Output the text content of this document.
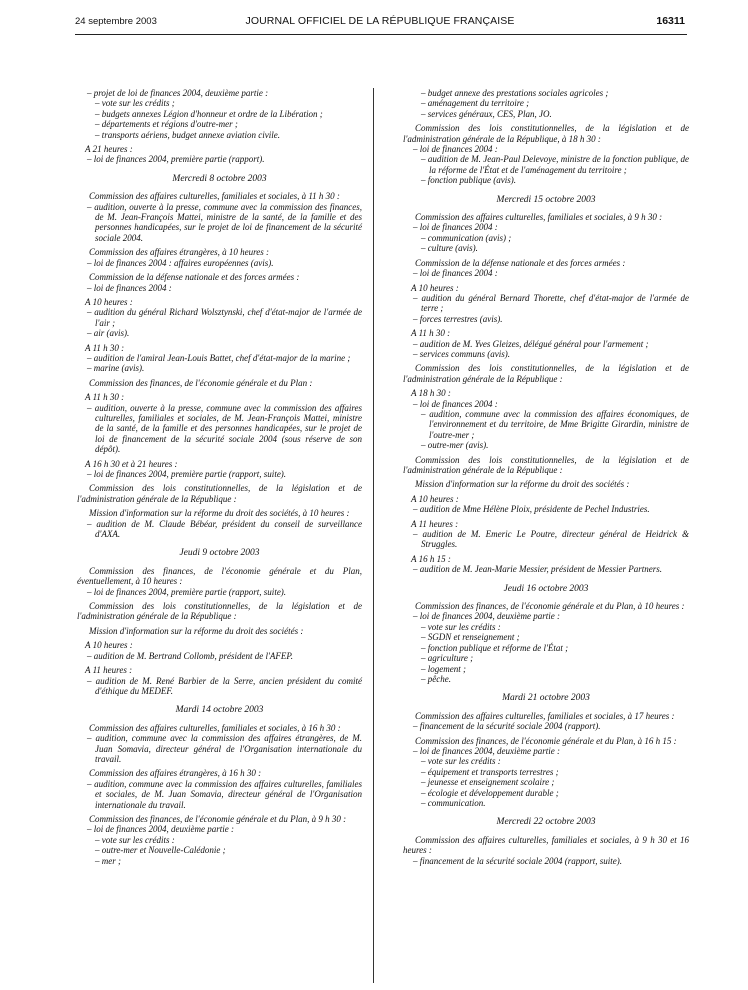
24 septembre 2003	JOURNAL OFFICIEL DE LA RÉPUBLIQUE FRANÇAISE	16311

– projet de loi de finances 2004, deuxième partie :

– vote sur les crédits ;

– budgets annexes Légion d'honneur et ordre de la Libération ;

– départements et régions d'outre-mer ;

– transports aériens, budget annexe aviation civile.

A 21 heures :

– loi de finances 2004, première partie (rapport).

Mercredi 8 octobre 2003

Commission des affaires culturelles, familiales et sociales, à 11 h 30 :

– audition, ouverte à la presse, commune avec la commission des finances, de M. Jean-François Mattei, ministre de la santé, de la famille et des personnes handicapées, sur le projet de loi de financement de la sécurité sociale 2004.

Commission des affaires étrangères, à 10 heures :

– loi de finances 2004 : affaires européennes (avis).

Commission de la défense nationale et des forces armées :

– loi de finances 2004 :

A 10 heures :

– audition du général Richard Wolsztynski, chef d'état-major de l'armée de l'air ;

– air (avis).

A 11 h 30 :

– audition de l'amiral Jean-Louis Battet, chef d'état-major de la marine ;

– marine (avis).

Commission des finances, de l'économie générale et du Plan :

A 11 h 30 :

– audition, ouverte à la presse, commune avec la commission des affaires culturelles, familiales et sociales, de M. Jean-François Mattei, ministre de la santé, de la famille et des personnes handicapées, sur le projet de loi de financement de la sécurité sociale 2004 (sous réserve de son dépôt).

A 16 h 30 et à 21 heures :

– loi de finances 2004, première partie (rapport, suite).

Commission des lois constitutionnelles, de la législation et de l'administration générale de la République :

Mission d'information sur la réforme du droit des sociétés, à 10 heures :

– audition de M. Claude Bébéar, président du conseil de surveillance d'AXA.

Jeudi 9 octobre 2003

Commission des finances, de l'économie générale et du Plan, éventuellement, à 10 heures :

– loi de finances 2004, première partie (rapport, suite).

Commission des lois constitutionnelles, de la législation et de l'administration générale de la République :

Mission d'information sur la réforme du droit des sociétés :

A 10 heures :

– audition de M. Bertrand Collomb, président de l'AFEP.

A 11 heures :

– audition de M. René Barbier de la Serre, ancien président du comité d'éthique du MEDEF.

Mardi 14 octobre 2003

Commission des affaires culturelles, familiales et sociales, à 16 h 30 :

– audition, commune avec la commission des affaires étrangères, de M. Juan Somavia, directeur général de l'Organisation internationale du travail.

Commission des affaires étrangères, à 16 h 30 :

– audition, commune avec la commission des affaires culturelles, familiales et sociales, de M. Juan Somavia, directeur général de l'Organisation internationale du travail.

Commission des finances, de l'économie générale et du Plan, à 9 h 30 :

– loi de finances 2004, deuxième partie :

– vote sur les crédits :

– outre-mer et Nouvelle-Calédonie ;

– mer ;

– budget annexe des prestations sociales agricoles ;

– aménagement du territoire ;

– services généraux, CES, Plan, JO.

Commission des lois constitutionnelles, de la législation et de l'administration générale de la République, à 18 h 30 :

– loi de finances 2004 :

– audition de M. Jean-Paul Delevoye, ministre de la fonction publique, de la réforme de l'État et de l'aménagement du territoire ;

– fonction publique (avis).

Mercredi 15 octobre 2003

Commission des affaires culturelles, familiales et sociales, à 9 h 30 :

– loi de finances 2004 :

– communication (avis) ;

– culture (avis).

Commission de la défense nationale et des forces armées :

– loi de finances 2004 :

A 10 heures :

– audition du général Bernard Thorette, chef d'état-major de l'armée de terre ;

– forces terrestres (avis).

A 11 h 30 :

– audition de M. Yves Gleizes, délégué général pour l'armement ;

– services communs (avis).

Commission des lois constitutionnelles, de la législation et de l'administration générale de la République :

A 18 h 30 :

– loi de finances 2004 :

– audition, commune avec la commission des affaires économiques, de l'environnement et du territoire, de Mme Brigitte Girardin, ministre de l'outre-mer ;

– outre-mer (avis).

Commission des lois constitutionnelles, de la législation et de l'administration générale de la République :

Mission d'information sur la réforme du droit des sociétés :

A 10 heures :

– audition de Mme Hélène Ploix, présidente de Pechel Industries.

A 11 heures :

– audition de M. Emeric Le Poutre, directeur général de Heidrick & Struggles.

A 16 h 15 :

– audition de M. Jean-Marie Messier, président de Messier Partners.

Jeudi 16 octobre 2003

Commission des finances, de l'économie générale et du Plan, à 10 heures :

– loi de finances 2004, deuxième partie :

– vote sur les crédits :

– SGDN et renseignement ;

– fonction publique et réforme de l'État ;

– agriculture ;

– logement ;

– pêche.

Mardi 21 octobre 2003

Commission des affaires culturelles, familiales et sociales, à 17 heures :

– financement de la sécurité sociale 2004 (rapport).

Commission des finances, de l'économie générale et du Plan, à 16 h 15 :

– loi de finances 2004, deuxième partie :

– vote sur les crédits :

– équipement et transports terrestres ;

– jeunesse et enseignement scolaire ;

– écologie et développement durable ;

– communication.

Mercredi 22 octobre 2003

Commission des affaires culturelles, familiales et sociales, à 9 h 30 et 16 heures :

– financement de la sécurité sociale 2004 (rapport, suite).
